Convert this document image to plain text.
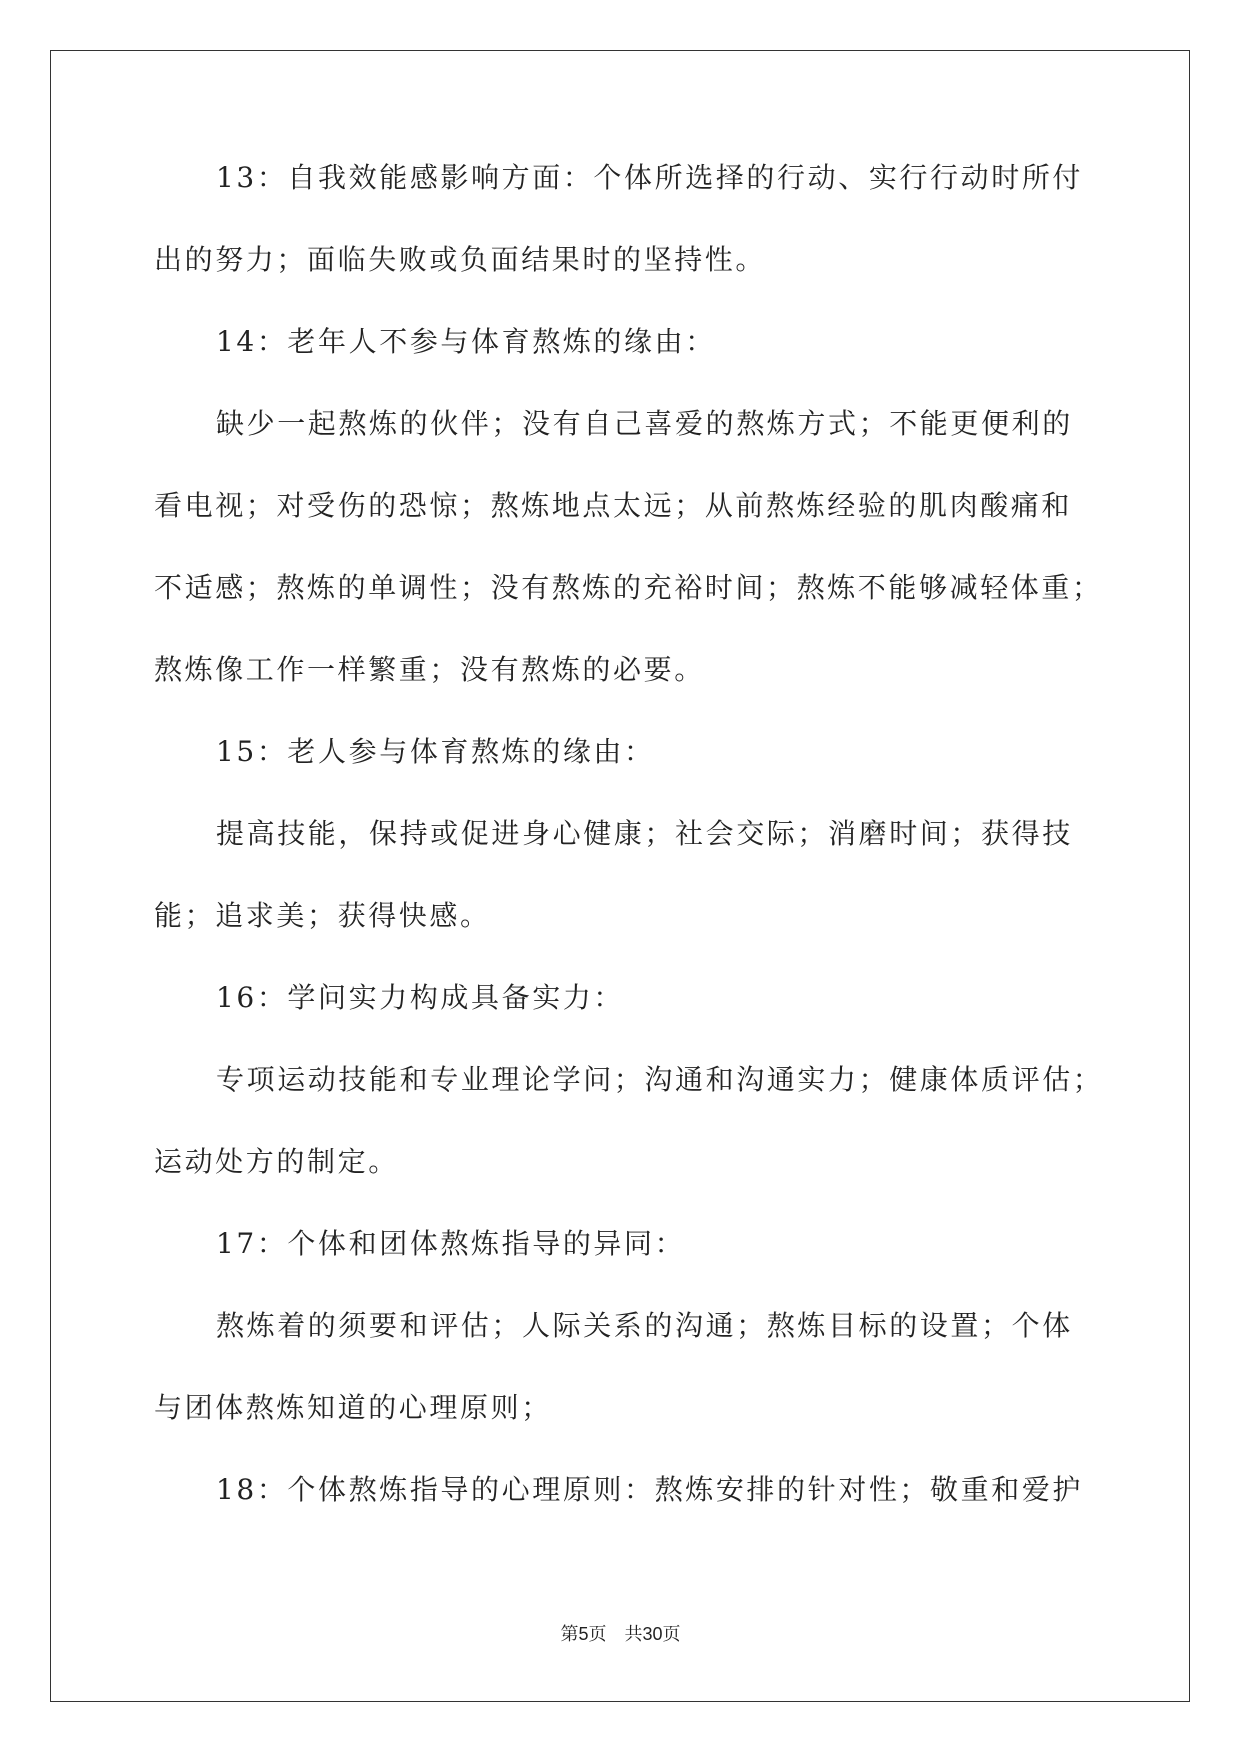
13：自我效能感影响方面：个体所选择的行动、实行行动时所付
出的努力；面临失败或负面结果时的坚持性。
14：老年人不参与体育熬炼的缘由：
缺少一起熬炼的伙伴；没有自己喜爱的熬炼方式；不能更便利的
看电视；对受伤的恐惊；熬炼地点太远；从前熬炼经验的肌肉酸痛和
不适感；熬炼的单调性；没有熬炼的充裕时间；熬炼不能够减轻体重；
熬炼像工作一样繁重；没有熬炼的必要。
15：老人参与体育熬炼的缘由：
提高技能，保持或促进身心健康；社会交际；消磨时间；获得技
能；追求美；获得快感。
16：学问实力构成具备实力：
专项运动技能和专业理论学问；沟通和沟通实力；健康体质评估；
运动处方的制定。
17：个体和团体熬炼指导的异同：
熬炼着的须要和评估；人际关系的沟通；熬炼目标的设置；个体
与团体熬炼知道的心理原则；
18：个体熬炼指导的心理原则：熬炼安排的针对性；敬重和爱护
第5页　共30页
